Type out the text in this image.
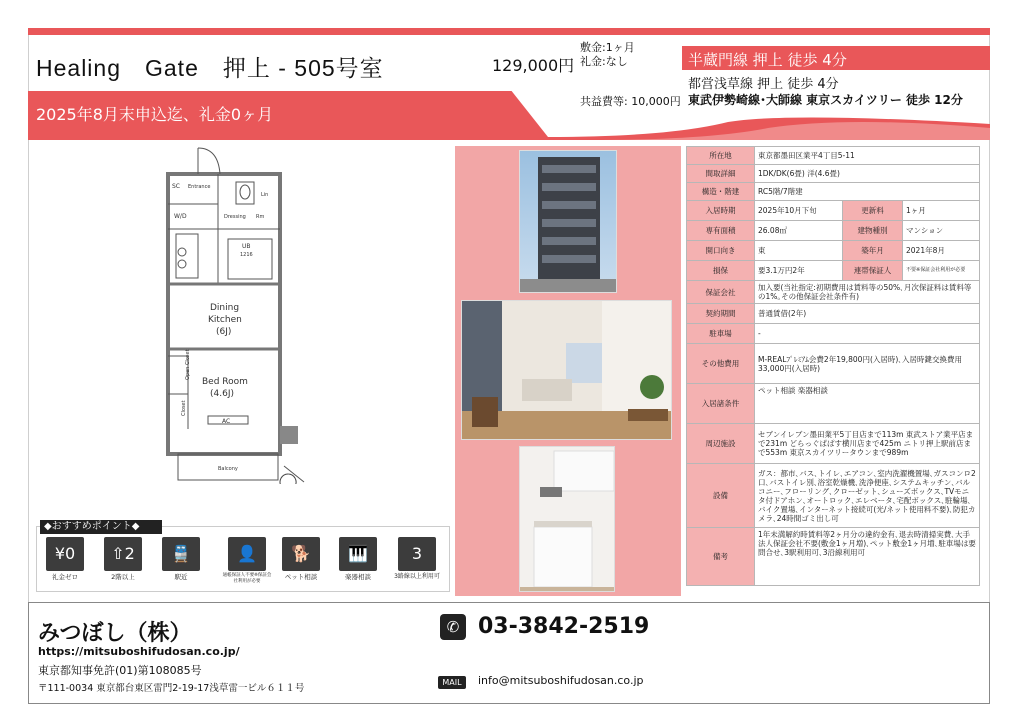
Healing　Gate　押上 - 505号室
敷金:1ヶ月
礼金:なし
129,000円
共益費等: 10,000円
半蔵門線 押上 徒歩 4分
都営浅草線 押上 徒歩 4分
東武伊勢崎線･大師線 東京スカイツリー 徒歩 12分
2025年8月末申込迄、礼金0ヶ月
SC Entrance
Lin
W/D	Dressing Rm
UB
1216
Dining
Kitchen
(6J)
Bed Room
(4.6J)
Open Closet
Closet
AC
Balcony
所在地	東京都墨田区業平4丁目5-11		
間取詳細	1DK/DK(6畳) 洋(4.6畳)		
構造・階建	RC5階/7階建		
入居時期	2025年10月下旬	更新料	1ヶ月
専有面積	26.08㎡	建物種別	マンション
開口向き	東	築年月	2021年8月
損保	要3.1万円2年	連帯保証人	不要※保証会社利用が必要
保証会社	加入要(当社指定:初期費用は賃料等の50%､月次保証料は賃料等の1%｡その他保証会社条件有)		
契約期間	普通賃借(2年)		
駐車場	-		
その他費用	M-REALﾌﾟﾚﾐｱﾑ会費2年19,800円(入居時)､入居時鍵交換費用33,000円(入居時)		
入居諸条件	ペット相談 楽器相談		
周辺施設	セブンイレブン墨田業平5丁目店まで113m 東武ストア業平店まで231m どらっぐぱぱす横川店まで425m ニトリ押上駅前店まで553m 東京スカイツリータウンまで989m		
設備	ガス：都市､バス､トイレ､エアコン､室内洗濯機置場､ガスコンロ2口､バストイレ別､浴室乾燥機､洗浄便座､システムキッチン､バルコニー､フローリング､クローゼット､シューズボックス､TVモニタ付ドアホン､オートロック､エレベータ､宅配ボックス､駐輪場､バイク置場､インターネット接続可(光/ネット使用料不要)､防犯カメラ､24時間ゴミ出し可		
備考	1年未満解約時賃料等2ヶ月分の違約金有､退去時清掃実費､大手法人保証会社不要(敷金1ヶ月増)､ペット敷金1ヶ月増､駐車場は要問合せ､3駅利用可､3沿線利用可		
◆おすすめポイント◆
¥0
礼金ゼロ
⇧2
2階以上
🚆
駅近
👤
通帳保証人不要※保証会社利用が必要
🐕
ペット相談
🎹
楽器相談
3
3路線以上利用可
みつぼし（株）
https://mitsuboshifudosan.co.jp/
東京都知事免許(01)第108085号
〒111-0034 東京都台東区雷門2-19-17浅草雷一ビル６１１号
✆ 03-3842-2519
MAIL	info@mitsuboshifudosan.co.jp
